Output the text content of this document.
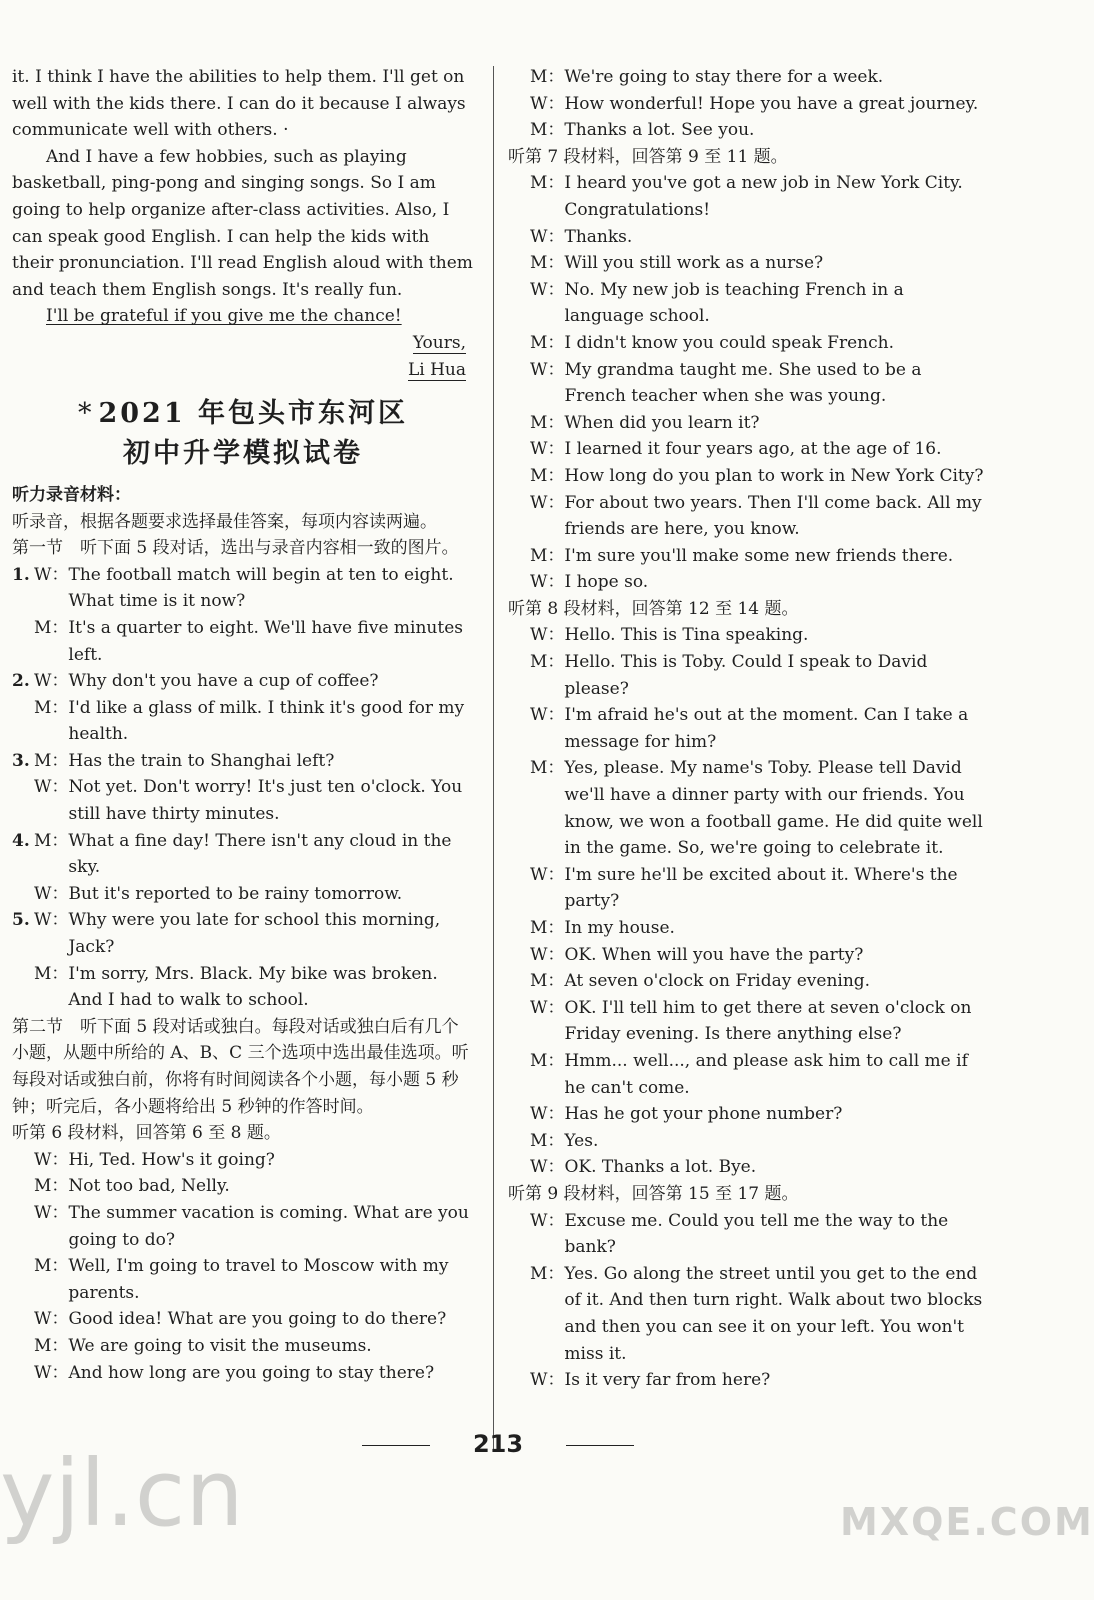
it. I think I have the abilities to help them. I'll get on well with the kids there. I can do it because I always communicate well with others. ·

And I have a few hobbies, such as playing basketball, ping-pong and singing songs. So I am going to help organize after-class activities. Also, I can speak good English. I can help the kids with their pronunciation. I'll read English aloud with them and teach them English songs. It's really fun.

I'll be grateful if you give me the chance!

Yours,

Li Hua

* 2021 年包头市东河区
初中升学模拟试卷

听力录音材料：

听录音，根据各题要求选择最佳答案，每项内容读两遍。

第一节　听下面 5 段对话，选出与录音内容相一致的图片。

1. W： The football match will begin at ten to eight. What time is it now?
M： It's a quarter to eight. We'll have five minutes left.
2. W： Why don't you have a cup of coffee?
M： I'd like a glass of milk. I think it's good for my health.
3. M： Has the train to Shanghai left?
W： Not yet. Don't worry! It's just ten o'clock. You still have thirty minutes.
4. M： What a fine day! There isn't any cloud in the sky.
W： But it's reported to be rainy tomorrow.
5. W： Why were you late for school this morning, Jack?
M： I'm sorry, Mrs. Black. My bike was broken. And I had to walk to school.

第二节　听下面 5 段对话或独白。每段对话或独白后有几个小题，从题中所给的 A、B、C 三个选项中选出最佳选项。听每段对话或独白前，你将有时间阅读各个小题，每小题 5 秒钟；听完后，各小题将给出 5 秒钟的作答时间。

听第 6 段材料，回答第 6 至 8 题。

W： Hi, Ted. How's it going?
M： Not too bad, Nelly.
W： The summer vacation is coming. What are you going to do?
M： Well, I'm going to travel to Moscow with my parents.
W： Good idea! What are you going to do there?
M： We are going to visit the museums.
W： And how long are you going to stay there?
M： We're going to stay there for a week.
W： How wonderful! Hope you have a great journey.
M： Thanks a lot. See you.

听第 7 段材料，回答第 9 至 11 题。

M： I heard you've got a new job in New York City. Congratulations!
W： Thanks.
M： Will you still work as a nurse?
W： No. My new job is teaching French in a language school.
M： I didn't know you could speak French.
W： My grandma taught me. She used to be a French teacher when she was young.
M： When did you learn it?
W： I learned it four years ago, at the age of 16.
M： How long do you plan to work in New York City?
W： For about two years. Then I'll come back. All my friends are here, you know.
M： I'm sure you'll make some new friends there.
W： I hope so.

听第 8 段材料，回答第 12 至 14 题。

W： Hello. This is Tina speaking.
M： Hello. This is Toby. Could I speak to David please?
W： I'm afraid he's out at the moment. Can I take a message for him?
M： Yes, please. My name's Toby. Please tell David we'll have a dinner party with our friends. You know, we won a football game. He did quite well in the game. So, we're going to celebrate it.
W： I'm sure he'll be excited about it. Where's the party?
M： In my house.
W： OK. When will you have the party?
M： At seven o'clock on Friday evening.
W： OK. I'll tell him to get there at seven o'clock on Friday evening. Is there anything else?
M： Hmm... well..., and please ask him to call me if he can't come.
W： Has he got your phone number?
M： Yes.
W： OK. Thanks a lot. Bye.

听第 9 段材料，回答第 15 至 17 题。

W： Excuse me. Could you tell me the way to the bank?
M： Yes. Go along the street until you get to the end of it. And then turn right. Walk about two blocks and then you can see it on your left. You won't miss it.
W： Is it very far from here?
213
yjl.cn	MXQE.COM
